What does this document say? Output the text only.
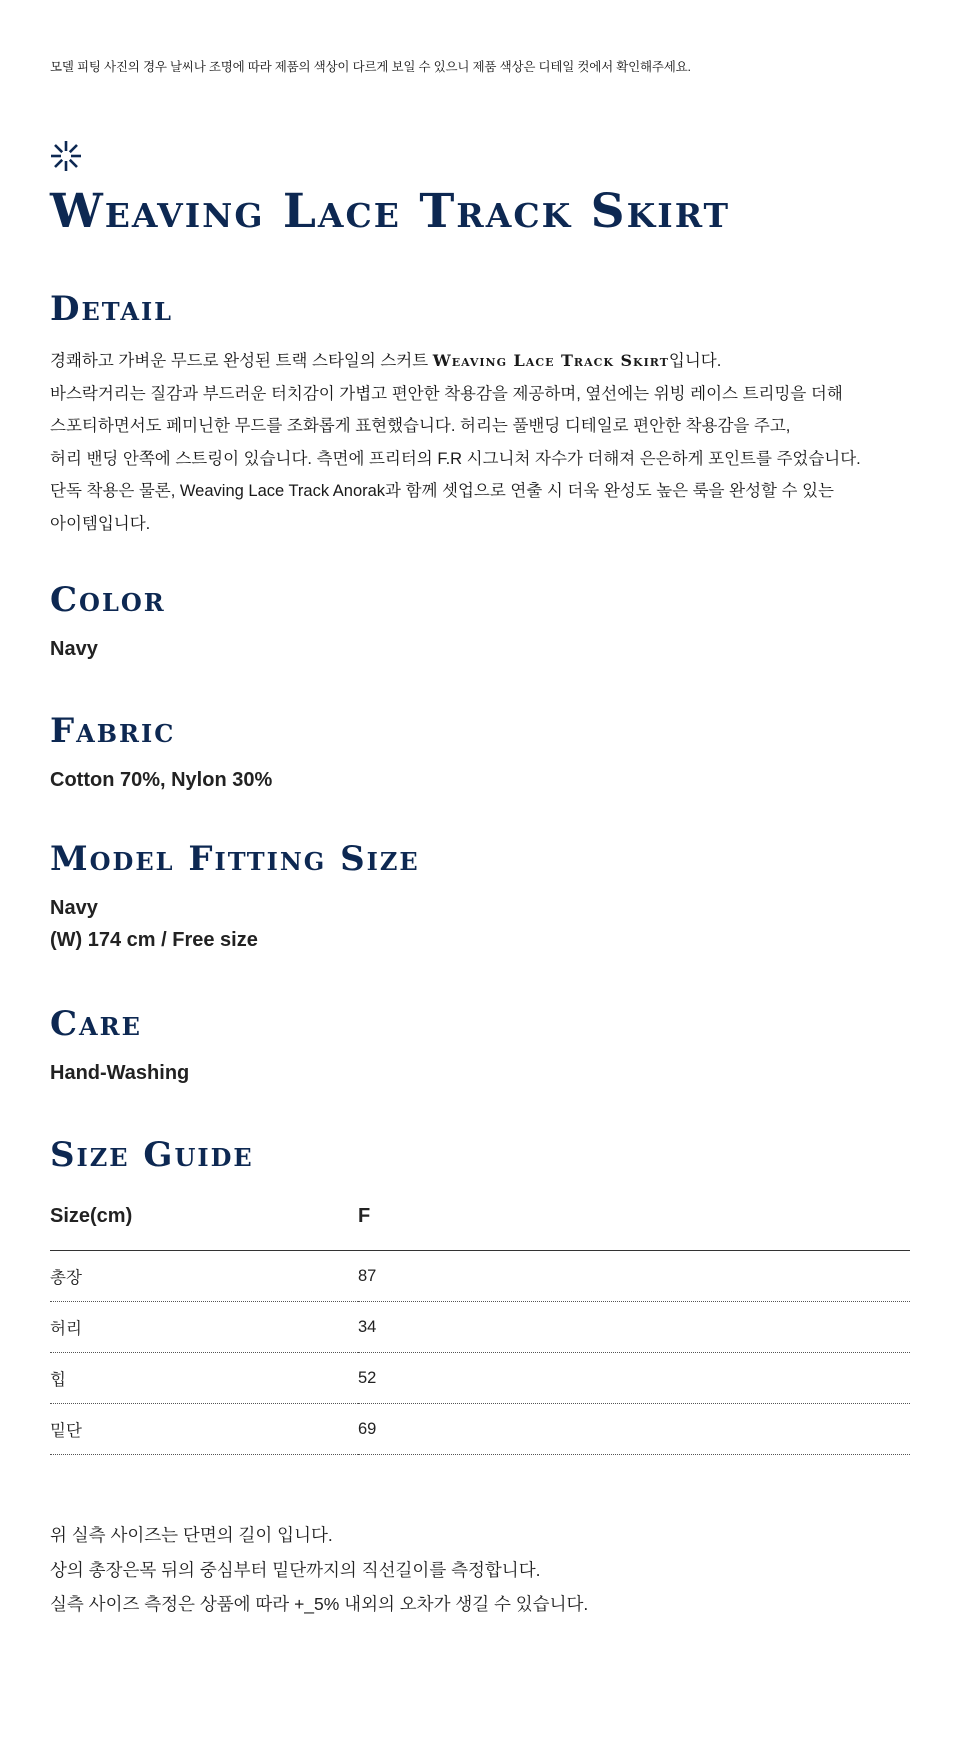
모델 피팅 사진의 경우 날씨나 조명에 따라 제품의 색상이 다르게 보일 수 있으니 제품 색상은 디테일 컷에서 확인해주세요.
Weaving Lace Track Skirt
Detail

경쾌하고 가벼운 무드로 완성된 트랙 스타일의 스커트 Weaving Lace Track Skirt입니다.

바스락거리는 질감과 부드러운 터치감이 가볍고 편안한 착용감을 제공하며, 옆선에는 위빙 레이스 트리밍을 더해

스포티하면서도 페미닌한 무드를 조화롭게 표현했습니다. 허리는 풀밴딩 디테일로 편안한 착용감을 주고,

허리 밴딩 안쪽에 스트링이 있습니다. 측면에 프리터의 F.R 시그니처 자수가 더해져 은은하게 포인트를 주었습니다.

단독 착용은 물론, Weaving Lace Track Anorak과 함께 셋업으로 연출 시 더욱 완성도 높은 룩을 완성할 수 있는

아이템입니다.

Color
Navy
Fabric
Cotton 70%, Nylon 30%
Model Fitting Size
Navy
(W) 174 cm / Free size
Care
Hand-Washing
Size Guide
Size(cm)	F
총장	87
허리	34
힙	52
밑단	69

위 실측 사이즈는 단면의 길이 입니다.

상의 총장은목 뒤의 중심부터 밑단까지의 직선길이를 측정합니다.

실측 사이즈 측정은 상품에 따라 +_5% 내외의 오차가 생길 수 있습니다.
